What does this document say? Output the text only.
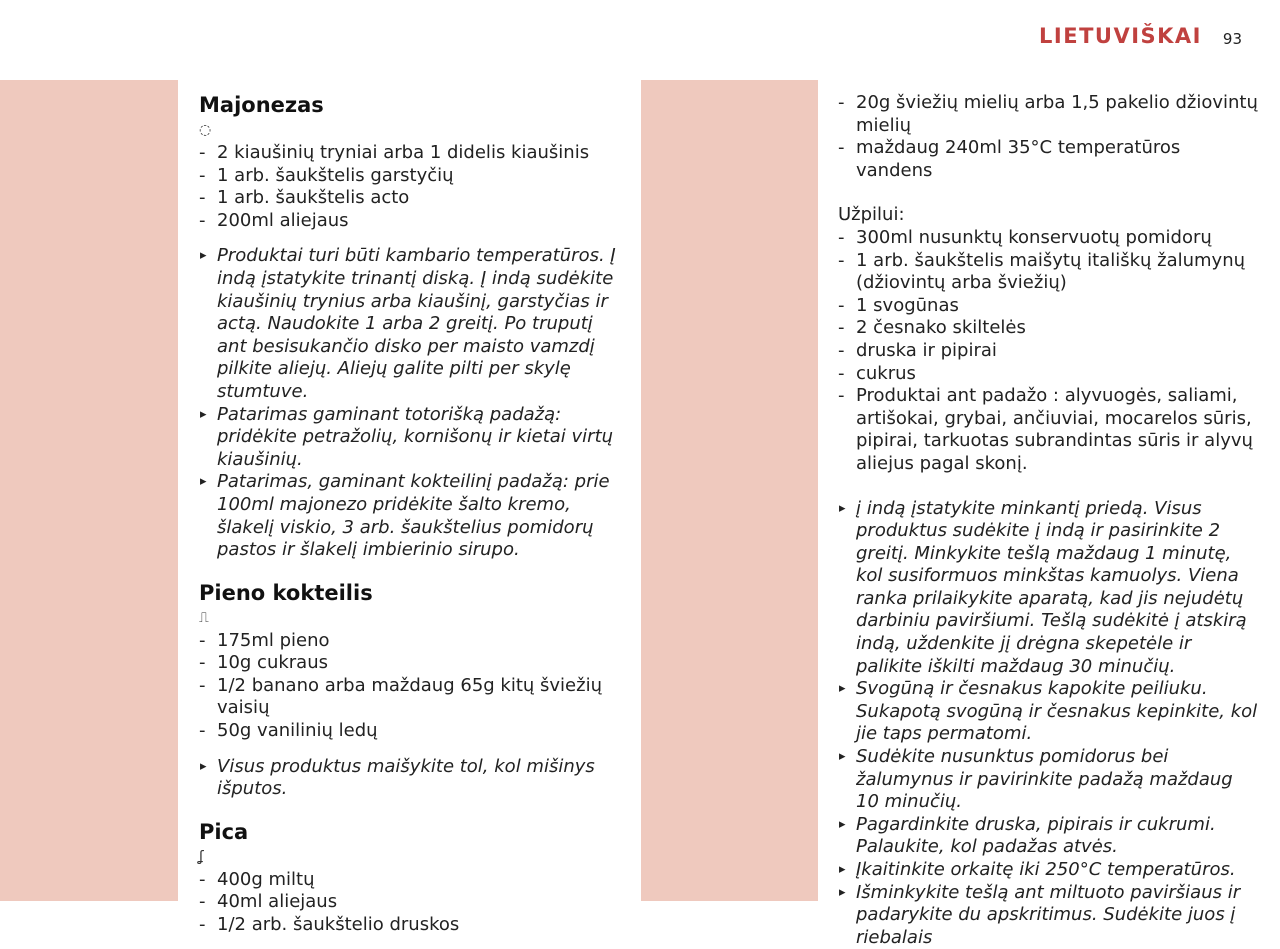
LIETUVIŠKAI 93
Majonezas
◌
- 2 kiaušinių tryniai arba 1 didelis kiaušinis
- 1 arb. šaukštelis garstyčių
- 1 arb. šaukštelis acto
- 200ml aliejaus
▸ Produktai turi būti kambario temperatūros. Į indą įstatykite trinantį diską. Į indą sudėkite kiaušinių trynius arba kiaušinį, garstyčias ir actą. Naudokite 1 arba 2 greitį. Po truputį ant besisukančio disko per maisto vamzdį pilkite aliejų. Aliejų galite pilti per skylę stumtuve.
▸ Patarimas gaminant totorišką padažą: pridėkite petražolių, kornišonų ir kietai virtų kiaušinių.
▸ Patarimas, gaminant kokteilinį padažą: prie 100ml majonezo pridėkite šalto kremo, šlakelį viskio, 3 arb. šaukštelius pomidorų pastos ir šlakelį imbierinio sirupo.
Pieno kokteilis
⎍
- 175ml pieno
- 10g cukraus
- 1/2 banano arba maždaug 65g kitų šviežių vaisių
- 50g vanilinių ledų
▸ Visus produktus maišykite tol, kol mišinys išputos.
Pica
ʆ
- 400g miltų
- 40ml aliejaus
- 1/2 arb. šaukštelio druskos
- 20g šviežių mielių arba 1,5 pakelio džiovintų mielių
- maždaug 240ml 35°C temperatūros vandens
Užpilui:
- 300ml nusunktų konservuotų pomidorų
- 1 arb. šaukštelis maišytų itališkų žalumynų (džiovintų arba šviežių)
- 1 svogūnas
- 2 česnako skiltelės
- druska ir pipirai
- cukrus
- Produktai ant padažo : alyvuogės, saliami, artišokai, grybai, ančiuviai, mocarelos sūris, pipirai, tarkuotas subrandintas sūris ir alyvų aliejus pagal skonį.
▸ į indą įstatykite minkantį priedą. Visus produktus sudėkite į indą ir pasirinkite 2 greitį. Minkykite tešlą maždaug 1 minutę, kol susiformuos minkštas kamuolys. Viena ranka prilaikykite aparatą, kad jis nejudėtų darbiniu paviršiumi. Tešlą sudėkitė į atskirą indą, uždenkite jį drėgna skepetėle ir palikite iškilti maždaug 30 minučių.
▸ Svogūną ir česnakus kapokite peiliuku. Sukapotą svogūną ir česnakus kepinkite, kol jie taps permatomi.
▸ Sudėkite nusunktus pomidorus bei žalumynus ir pavirinkite padažą maždaug 10 minučių.
▸ Pagardinkite druska, pipirais ir cukrumi. Palaukite, kol padažas atvės.
▸ Įkaitinkite orkaitę iki 250°C temperatūros.
▸ Išminkykite tešlą ant miltuoto paviršiaus ir padarykite du apskritimus. Sudėkite juos į riebalais
